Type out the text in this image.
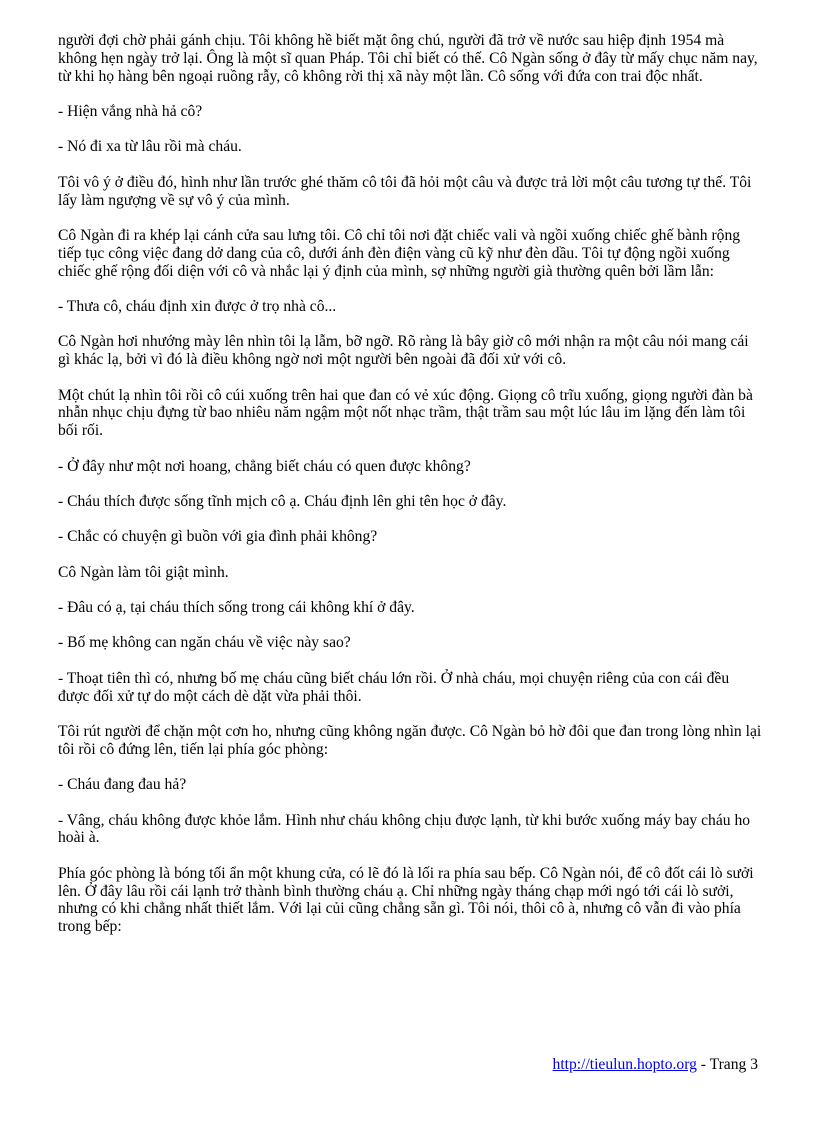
người đợi chờ phải gánh chịu. Tôi không hề biết mặt ông chú, người đã trở về nước sau hiệp định 1954 mà không hẹn ngày trở lại. Ông là một sĩ quan Pháp. Tôi chỉ biết có thế. Cô Ngàn sống ở đây từ mấy chục năm nay, từ khi họ hàng bên ngoại ruồng rẫy, cô không rời thị xã này một lần. Cô sống với đứa con trai độc nhất.

- Hiện vắng nhà hả cô?

- Nó đi xa từ lâu rồi mà cháu.

Tôi vô ý ở điều đó, hình như lần trước ghé thăm cô tôi đã hỏi một câu và được trả lời một câu tương tự thế. Tôi lấy làm ngượng về sự vô ý của mình.

Cô Ngàn đi ra khép lại cánh cửa sau lưng tôi. Cô chỉ tôi nơi đặt chiếc vali và ngồi xuống chiếc ghế bành rộng tiếp tục công việc đang dở dang của cô, dưới ánh đèn điện vàng cũ kỹ như đèn dầu. Tôi tự động ngồi xuống chiếc ghế rộng đối diện với cô và nhắc lại ý định của mình, sợ những người già thường quên bởi lầm lẫn:

- Thưa cô, cháu định xin được ở trọ nhà cô...

Cô Ngàn hơi nhướng mày lên nhìn tôi lạ lẫm, bỡ ngỡ. Rõ ràng là bây giờ cô mới nhận ra một câu nói mang cái gì khác lạ, bởi vì đó là điều không ngờ nơi một người bên ngoài đã đối xử với cô.

Một chút lạ nhìn tôi rồi cô cúi xuống trên hai que đan có vẻ xúc động. Giọng cô trĩu xuống, giọng người đàn bà nhẫn nhục chịu đựng từ bao nhiêu năm ngậm một nốt nhạc trầm, thật trầm sau một lúc lâu im lặng đến làm tôi bối rối.

- Ở đây như một nơi hoang, chẳng biết cháu có quen được không?

- Cháu thích được sống tĩnh mịch cô ạ. Cháu định lên ghi tên học ở đây.

- Chắc có chuyện gì buồn với gia đình phải không?

Cô Ngàn làm tôi giật mình.

- Đâu có ạ, tại cháu thích sống trong cái không khí ở đây.

- Bố mẹ không can ngăn cháu về việc này sao?

- Thoạt tiên thì có, nhưng bố mẹ cháu cũng biết cháu lớn rồi. Ở nhà cháu, mọi chuyện riêng của con cái đều được đối xử tự do một cách dè dặt vừa phải thôi.

Tôi rút người để chặn một cơn ho, nhưng cũng không ngăn được. Cô Ngàn bỏ hờ đôi que đan trong lòng nhìn lại tôi rồi cô đứng lên, tiến lại phía góc phòng:

- Cháu đang đau hả?

- Vâng, cháu không được khỏe lắm. Hình như cháu không chịu được lạnh, từ khi bước xuống máy bay cháu ho hoài à.

Phía góc phòng là bóng tối ẩn một khung cửa, có lẽ đó là lối ra phía sau bếp. Cô Ngàn nói, để cô đốt cái lò sưởi lên. Ở đây lâu rồi cái lạnh trở thành bình thường cháu ạ. Chỉ những ngày tháng chạp mới ngó tới cái lò sưởi, nhưng có khi chẳng nhất thiết lắm. Với lại củi cũng chẳng sẵn gì. Tôi nói, thôi cô à, nhưng cô vẫn đi vào phía trong bếp:

http://tieulun.hopto.org - Trang 3
